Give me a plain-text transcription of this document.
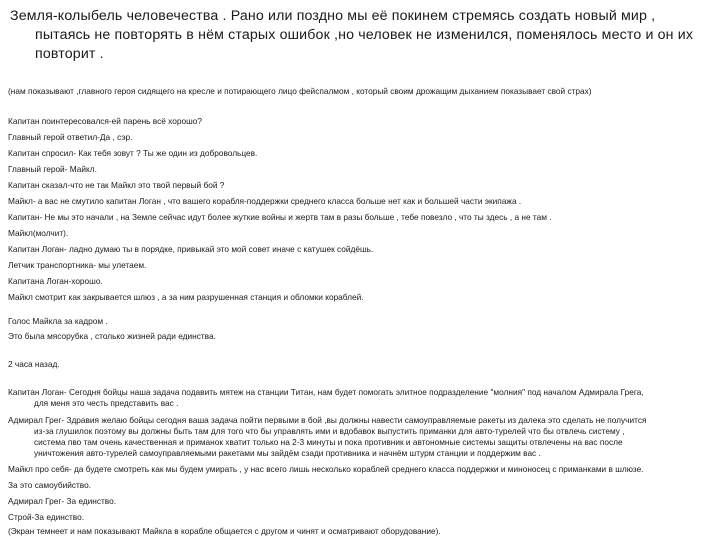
Земля-колыбель человечества . Рано или поздно мы её покинем стремясь создать новый мир ,
пытаясь не повторять в нём старых ошибок ,но человек не изменился, поменялось место и он их
повторит .
(нам показывают ,главного героя сидящего на кресле и потирающего лицо фейспалмом , который своим дрожащим дыханием показывает свой страх)
Капитан поинтересовался-ей парень всё хорошо?
Главный герой ответил-Да , сэр.
Капитан спросил- Как тебя зовут ? Ты же один из добровольцев.
Главный герой- Майкл.
Капитан сказал-что не так Майкл это твой первый бой ?
Майкл- а вас не смутило капитан Логан , что вашего корабля-поддержки среднего класса больше нет как и большей части экипажа .
Капитан- Не мы это начали , на Земле сейчас идут более жуткие войны и жертв там в разы больше , тебе повезло , что ты здесь , а не там .
Майкл(молчит).
Капитан Логан- ладно думаю ты в порядке, привыкай это мой совет иначе с катушек сойдёшь.
Летчик транспортника- мы улетаем.
Капитана Логан-хорошо.
Майкл смотрит как закрывается шлюз , а за ним разрушенная станция и обломки кораблей.
Голос Майкла за кадром .
Это была мясорубка , столько жизней ради единства.
2 часа назад.
Капитан Логан- Сегодня бойцы наша задача подавить мятеж на станции Титан, нам будет помогать элитное подразделение "молния" под началом Адмирала Грега,
для меня это честь представить вас .
Адмирал Грег- Здравия желаю бойцы сегодня ваша задача пойти первыми в бой ,вы должны навести самоуправляемые ракеты из далека это сделать не получится
из-за глушилок поэтому вы должны быть там для того что бы управлять ими и вдобавок выпустить приманки для авто-турелей что бы отвлечь систему ,
система пво там очень качественная и приманок хватит только на 2-3 минуты и пока противник и автономные системы защиты отвлечены на вас после
уничтожения авто-турелей самоуправляемыми ракетами мы зайдём сзади противника и начнём штурм станции и поддержим вас .
Майкл про себя- да будете смотреть как мы будем умирать , у нас всего лишь несколько кораблей среднего класса поддержки и миноносец с приманками в шлюзе.
За это самоубийство.
Адмирал Грег- За единство.
Строй-За единство.
(Экран темнеет и нам показывают Майкла в корабле общается с другом и чинят и осматривают оборудование).
